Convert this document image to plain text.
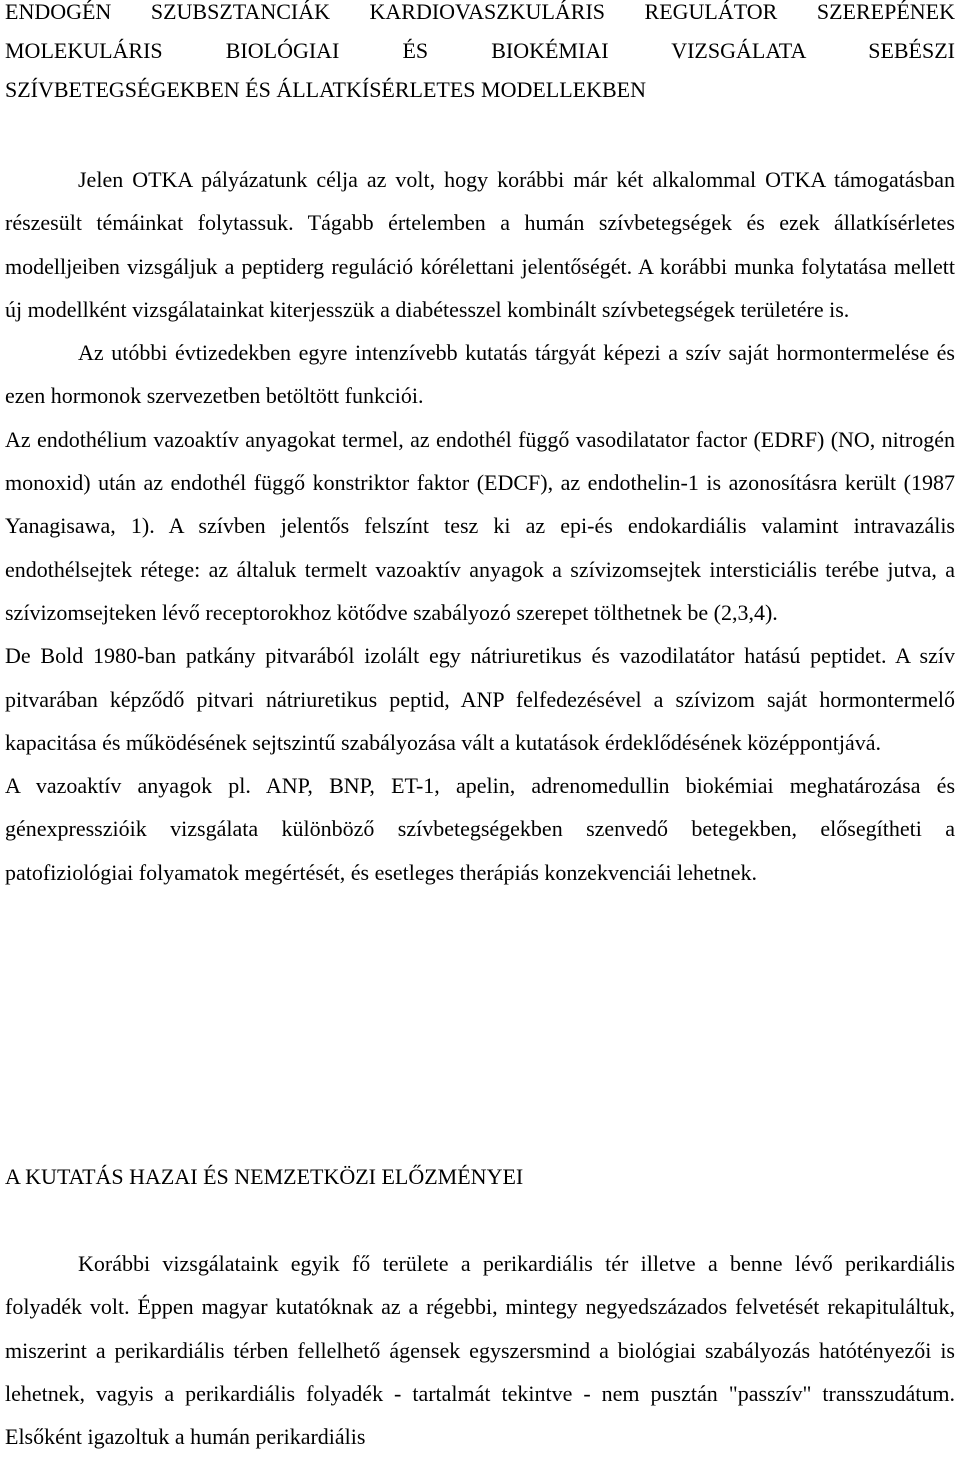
ENDOGÉN SZUBSZTANCIÁK KARDIOVASZKULÁRIS REGULÁTOR SZEREPÉNEK
MOLEKULÁRIS BIOLÓGIAI ÉS BIOKÉMIAI VIZSGÁLATA SEBÉSZI
SZÍVBETEGSÉGEKBEN ÉS ÁLLATKÍSÉRLETES MODELLEKBEN

Jelen OTKA pályázatunk célja az volt, hogy korábbi már két alkalommal OTKA támogatásban részesült témáinkat folytassuk. Tágabb értelemben a humán szívbetegségek és ezek állatkísérletes modelljeiben vizsgáljuk a peptiderg reguláció kórélettani jelentőségét. A korábbi munka folytatása mellett új modellként vizsgálatainkat kiterjesszük a diabétesszel kombinált szívbetegségek területére is.

Az utóbbi évtizedekben egyre intenzívebb kutatás tárgyát képezi a szív saját hormontermelése és ezen hormonok szervezetben betöltött funkciói.

Az endothélium vazoaktív anyagokat termel, az endothél függő vasodilatator factor (EDRF) (NO, nitrogén monoxid) után az endothél függő konstriktor faktor (EDCF), az endothelin-1 is azonosításra került (1987 Yanagisawa, 1). A szívben jelentős felszínt tesz ki az epi-és endokardiális valamint intravazális endothélsejtek rétege: az általuk termelt vazoaktív anyagok a szívizomsejtek intersticiális terébe jutva, a szívizomsejteken lévő receptorokhoz kötődve szabályozó szerepet tölthetnek be (2,3,4).

De Bold 1980-ban patkány pitvarából izolált egy nátriuretikus és vazodilatátor hatású peptidet. A szív pitvarában képződő pitvari nátriuretikus peptid, ANP felfedezésével a szívizom saját hormontermelő kapacitása és működésének sejtszintű szabályozása vált a kutatások érdeklődésének középpontjává.

A vazoaktív anyagok pl. ANP, BNP, ET-1, apelin, adrenomedullin biokémiai meghatározása és génexpresszióik vizsgálata különböző szívbetegségekben szenvedő betegekben, elősegítheti a patofiziológiai folyamatok megértését, és esetleges therápiás konzekvenciái lehetnek.

A KUTATÁS HAZAI ÉS NEMZETKÖZI ELŐZMÉNYEI

Korábbi vizsgálataink egyik fő területe a perikardiális tér illetve a benne lévő perikardiális folyadék volt. Éppen magyar kutatóknak az a régebbi, mintegy negyedszázados felvetését rekapituláltuk, miszerint a perikardiális térben fellelhető ágensek egyszersmind a biológiai szabályozás hatótényezői is lehetnek, vagyis a perikardiális folyadék - tartalmát tekintve - nem pusztán "passzív" transszudátum. Elsőként igazoltuk a humán perikardiális
